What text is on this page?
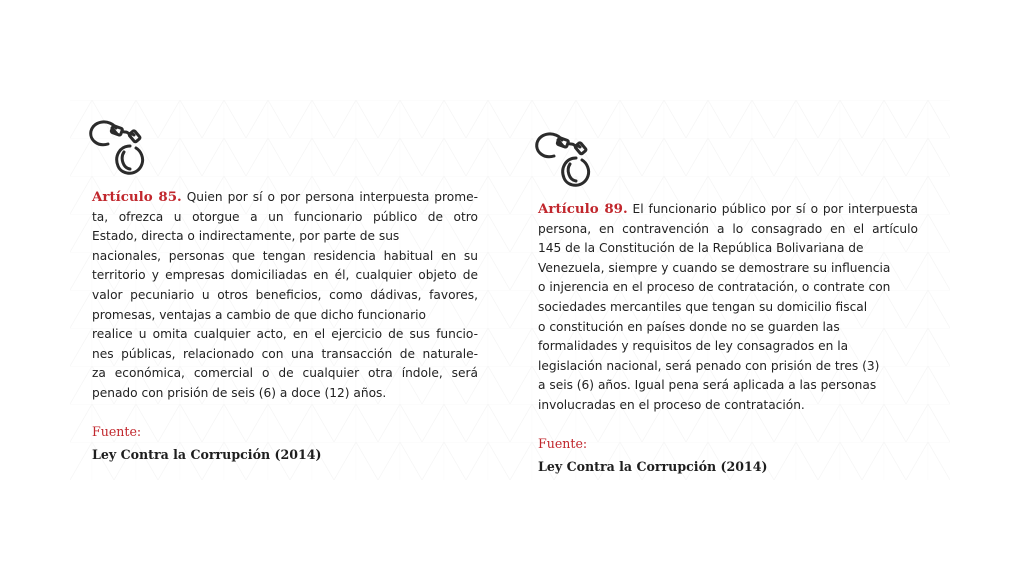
Artículo 85. Quien por sí o por persona interpuesta prome-
ta, ofrezca u otorgue a un funcionario público de otro
Estado, directa o indirectamente, por parte de sus
nacionales, personas que tengan residencia habitual en su
territorio y empresas domiciliadas en él, cualquier objeto de
valor pecuniario u otros beneficios, como dádivas, favores,
promesas, ventajas a cambio de que dicho funcionario
realice u omita cualquier acto, en el ejercicio de sus funcio-
nes públicas, relacionado con una transacción de naturale-
za económica, comercial o de cualquier otra índole, será
penado con prisión de seis (6) a doce (12) años.
Fuente:
Ley Contra la Corrupción (2014)
Artículo 89. El funcionario público por sí o por interpuesta
persona, en contravención a lo consagrado en el artículo
145 de la Constitución de la República Bolivariana de
Venezuela, siempre y cuando se demostrare su influencia
o injerencia en el proceso de contratación, o contrate con
sociedades mercantiles que tengan su domicilio fiscal
o constitución en países donde no se guarden las
formalidades y requisitos de ley consagrados en la
legislación nacional, será penado con prisión de tres (3)
a seis (6) años. Igual pena será aplicada a las personas
involucradas en el proceso de contratación.
Fuente:
Ley Contra la Corrupción (2014)
